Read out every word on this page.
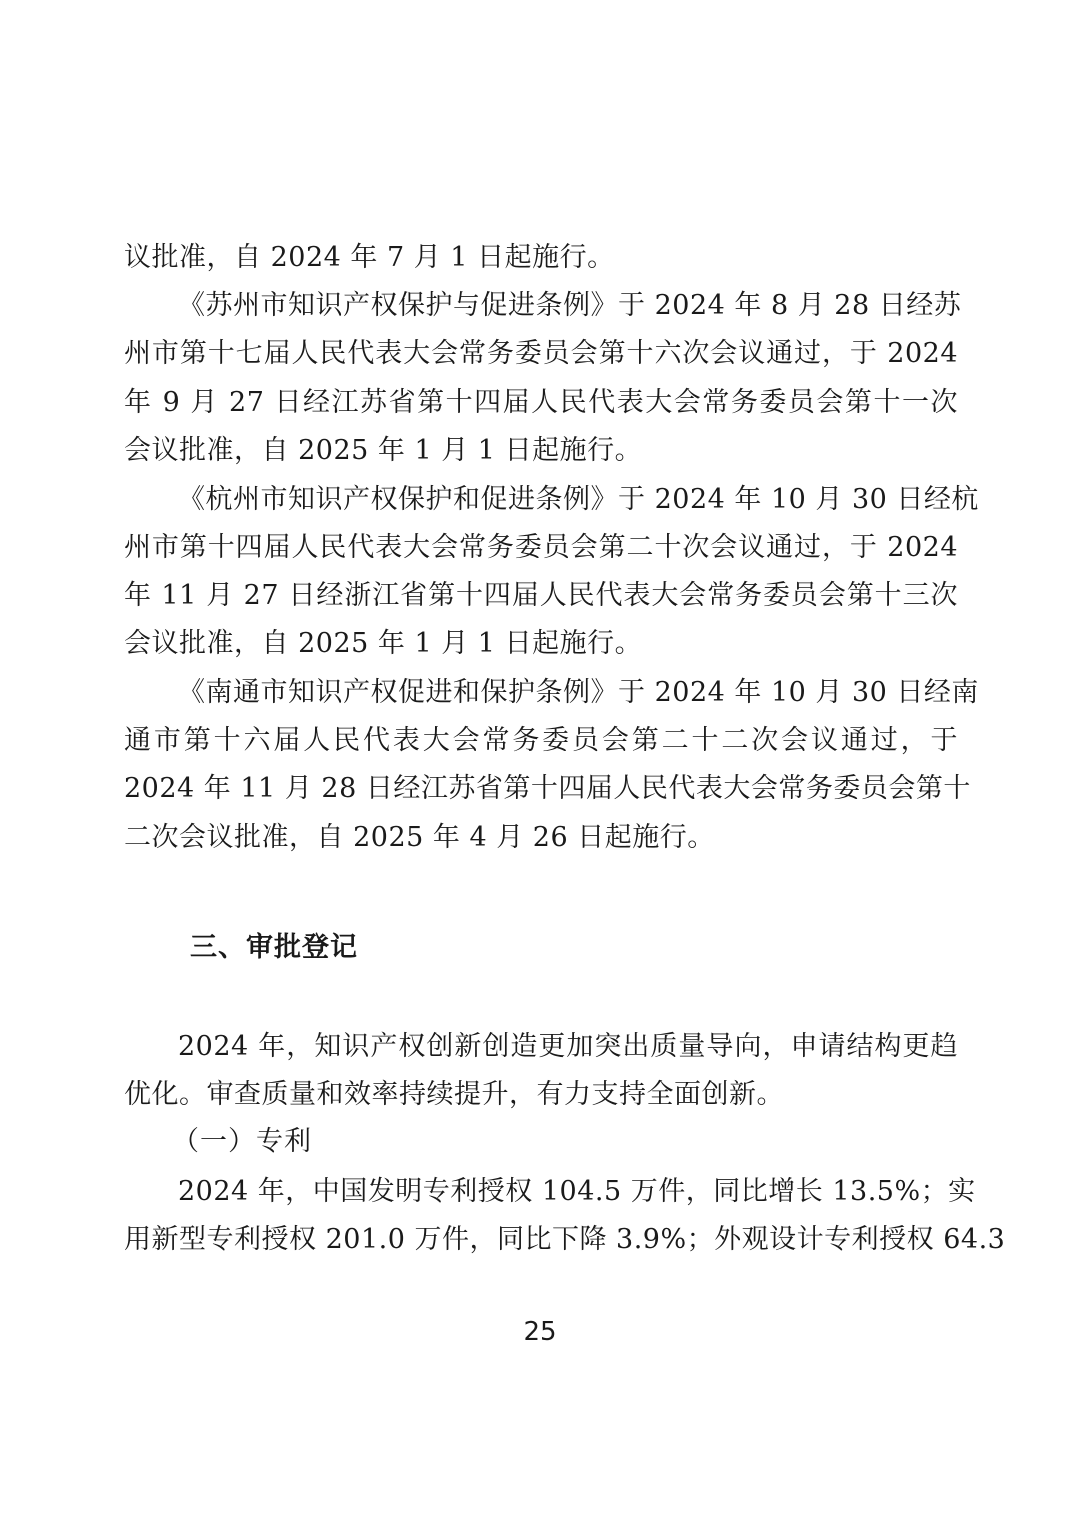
议批准，自 2024 年 7 月 1 日起施行。
《苏州市知识产权保护与促进条例》于 2024 年 8 月 28 日经苏
州市第十七届人民代表大会常务委员会第十六次会议通过，于 2024
年 9 月 27 日经江苏省第十四届人民代表大会常务委员会第十一次
会议批准，自 2025 年 1 月 1 日起施行。
《杭州市知识产权保护和促进条例》于 2024 年 10 月 30 日经杭
州市第十四届人民代表大会常务委员会第二十次会议通过，于 2024
年 11 月 27 日经浙江省第十四届人民代表大会常务委员会第十三次
会议批准，自 2025 年 1 月 1 日起施行。
《南通市知识产权促进和保护条例》于 2024 年 10 月 30 日经南
通市第十六届人民代表大会常务委员会第二十二次会议通过，于
2024 年 11 月 28 日经江苏省第十四届人民代表大会常务委员会第十
二次会议批准，自 2025 年 4 月 26 日起施行。
三、审批登记
2024 年，知识产权创新创造更加突出质量导向，申请结构更趋
优化。审查质量和效率持续提升，有力支持全面创新。
（一）专利
2024 年，中国发明专利授权 104.5 万件，同比增长 13.5%；实
用新型专利授权 201.0 万件，同比下降 3.9%；外观设计专利授权 64.3
25
